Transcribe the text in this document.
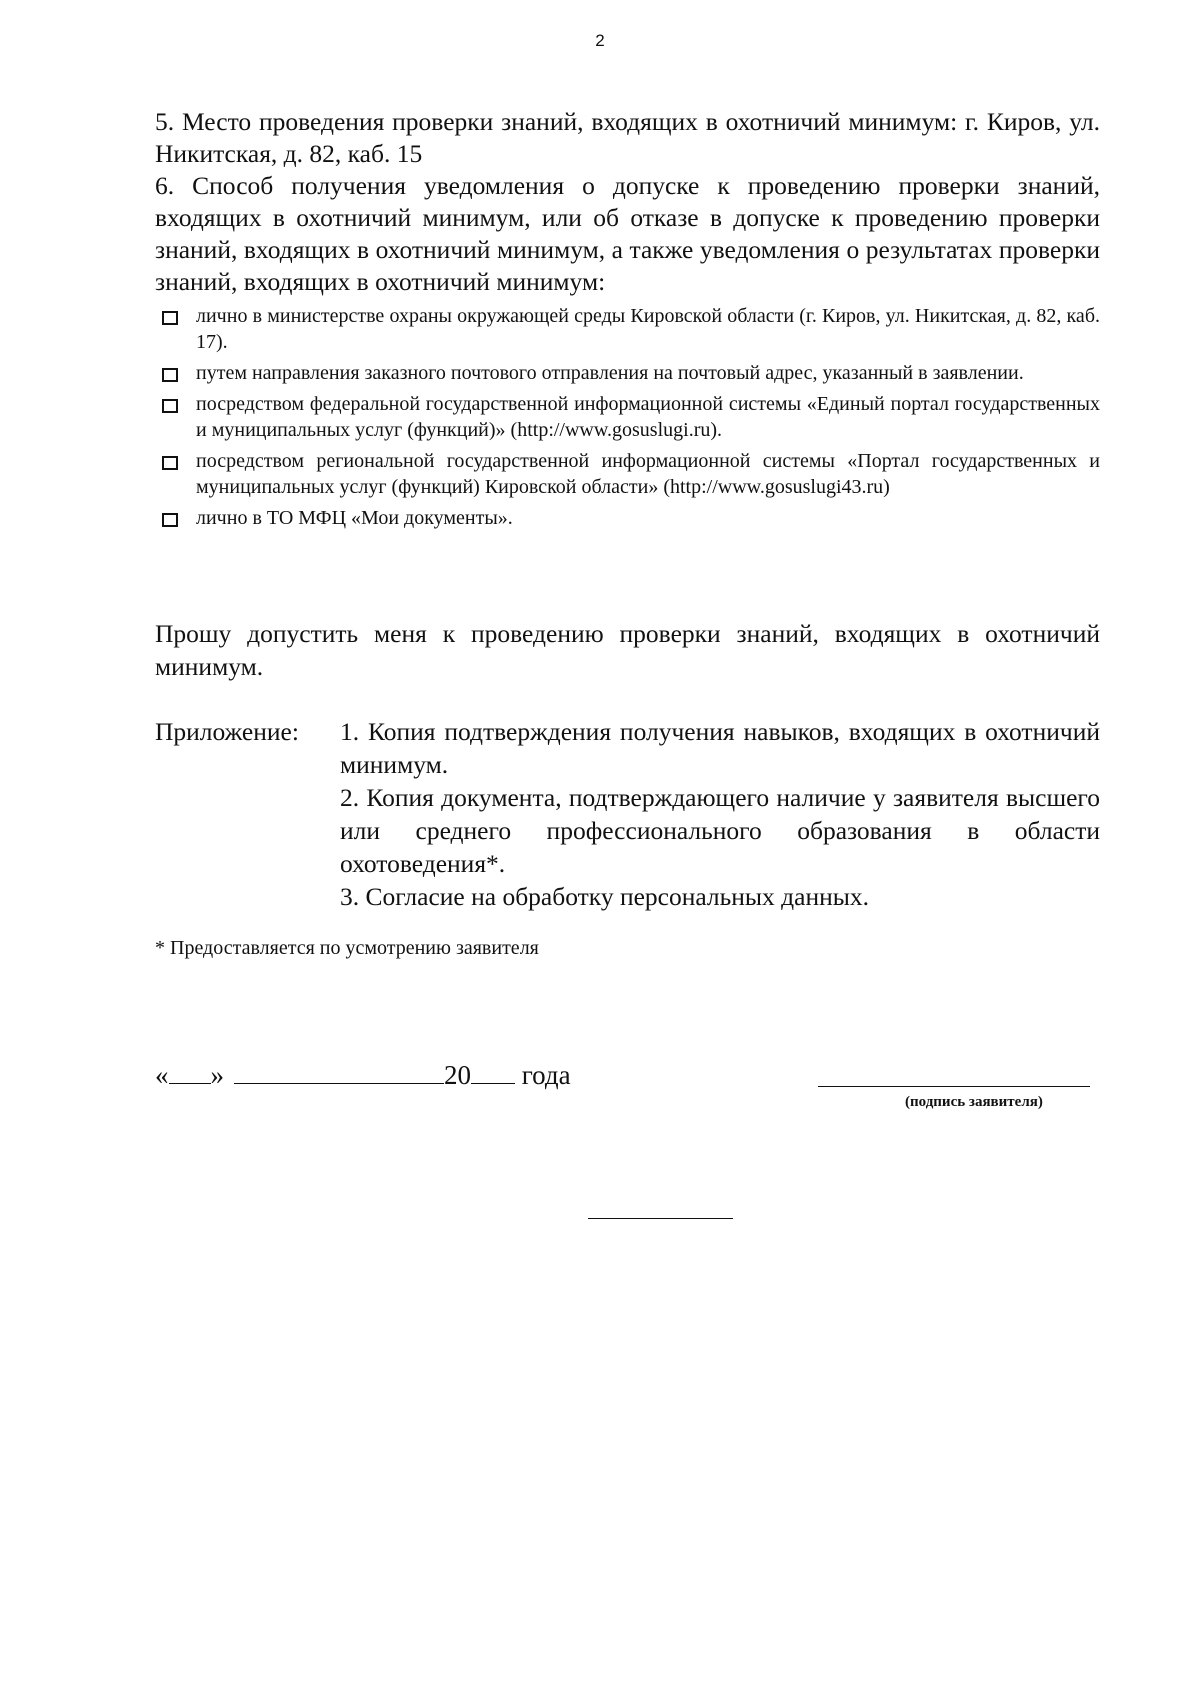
2

5. Место проведения проверки знаний, входящих в охотничий минимум: г. Киров, ул. Никитская, д. 82, каб. 15

6. Способ получения уведомления о допуске к проведению проверки знаний, входящих в охотничий минимум, или об отказе в допуске к проведению проверки знаний, входящих в охотничий минимум, а также уведомления о результатах проверки знаний, входящих в охотничий минимум:

лично в министерстве охраны окружающей среды Кировской области (г. Киров, ул. Никитская, д. 82, каб. 17).
путем направления заказного почтового отправления на почтовый адрес, указанный в заявлении.
посредством федеральной государственной информационной системы «Единый портал государственных и муниципальных услуг (функций)» (http://www.gosuslugi.ru).
посредством региональной государственной информационной системы «Портал государственных и муниципальных услуг (функций) Кировской области» (http://www.gosuslugi43.ru)
лично в ТО МФЦ «Мои документы».

Прошу допустить меня к проведению проверки знаний, входящих в охотничий минимум.

Приложение: 1. Копия подтверждения получения навыков, входящих в охотничий минимум.
2. Копия документа, подтверждающего наличие у заявителя высшего или среднего профессионального образования в области охотоведения*.
3. Согласие на обработку персональных данных.
* Предоставляется по усмотрению заявителя
« »	20 года
(подпись заявителя)
